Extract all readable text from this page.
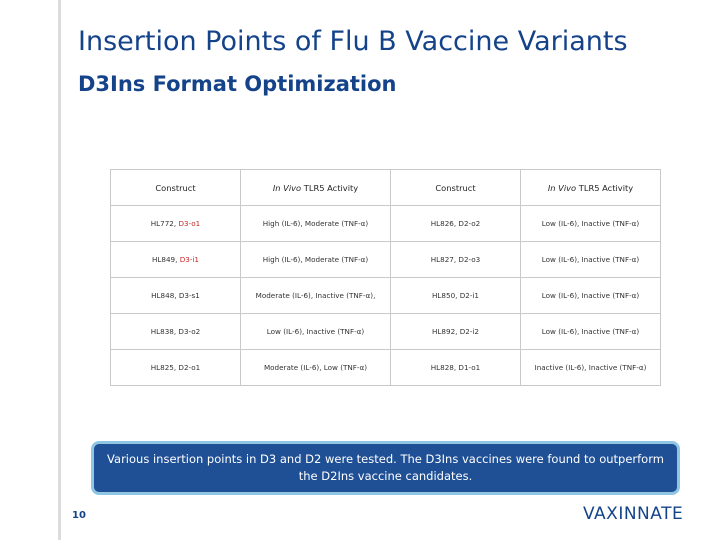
Insertion Points of Flu B Vaccine Variants
D3Ins Format Optimization
Construct	In Vivo TLR5 Activity	Construct	In Vivo TLR5 Activity
HL772, D3-o1	High (IL-6), Moderate (TNF-α)	HL826, D2-o2	Low (IL-6), Inactive (TNF-α)
HL849, D3-i1	High (IL-6), Moderate (TNF-α)	HL827, D2-o3	Low (IL-6), Inactive (TNF-α)
HL848, D3-s1	Moderate (IL-6), Inactive (TNF-α),	HL850, D2-i1	Low (IL-6), Inactive (TNF-α)
HL838, D3-o2	Low (IL-6), Inactive (TNF-α)	HL892, D2-i2	Low (IL-6), Inactive (TNF-α)
HL825, D2-o1	Moderate (IL-6), Low (TNF-α)	HL828, D1-o1	Inactive (IL-6), Inactive (TNF-α)
Various insertion points in D3 and D2 were tested. The D3Ins vaccines were found to outperform the D2Ins vaccine candidates.
10	VAXINNATE
